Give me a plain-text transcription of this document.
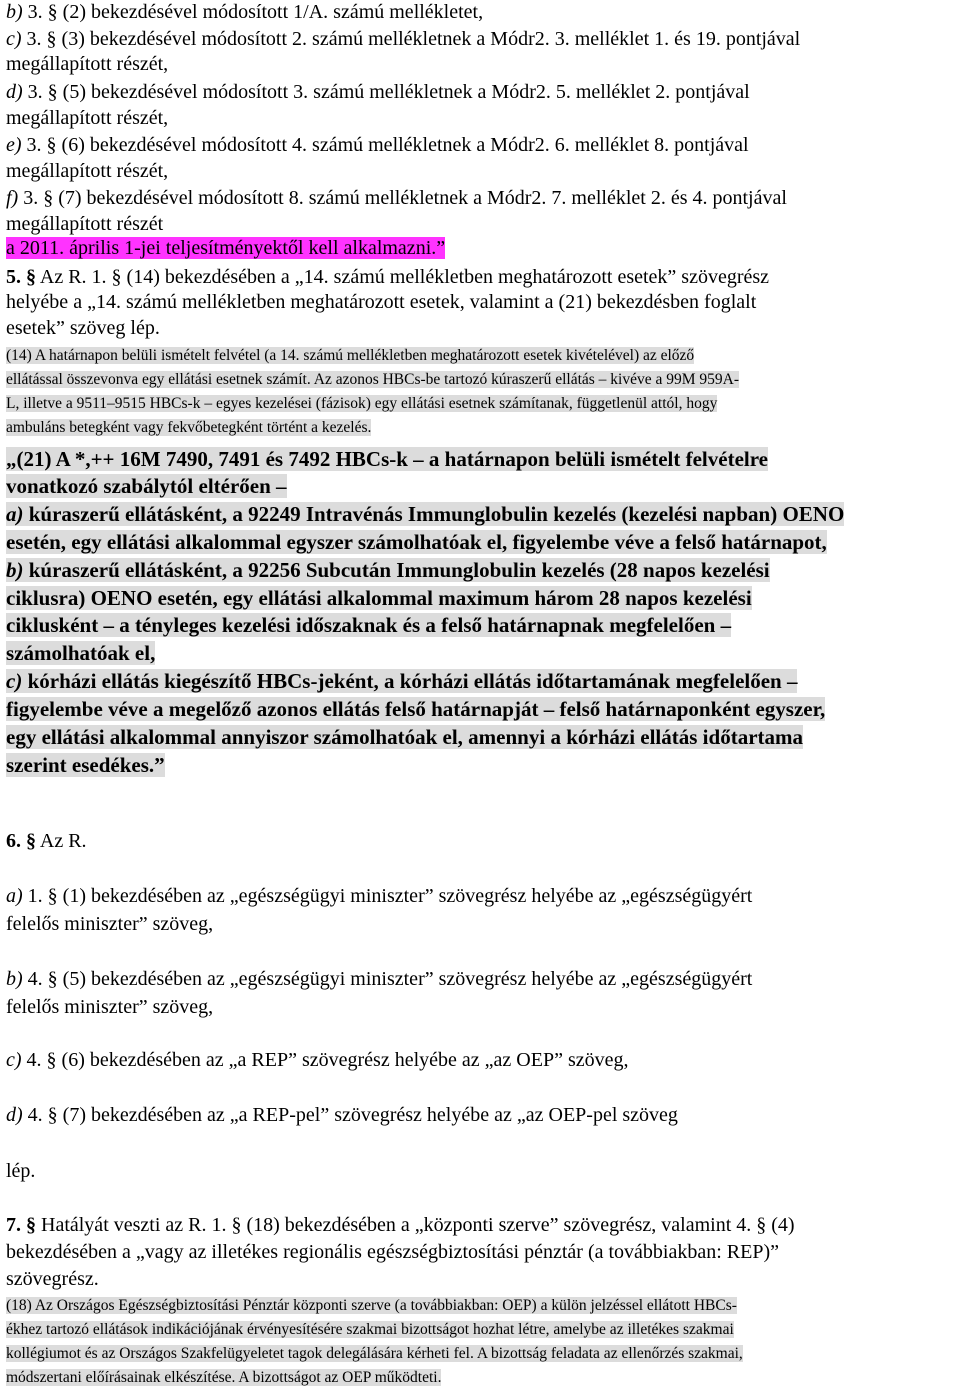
b) 3. § (2) bekezdésével módosított 1/A. számú mellékletet,
c) 3. § (3) bekezdésével módosított 2. számú mellékletnek a Módr2. 3. melléklet 1. és 19. pontjával
megállapított részét,
d) 3. § (5) bekezdésével módosított 3. számú mellékletnek a Módr2. 5. melléklet 2. pontjával
megállapított részét,
e) 3. § (6) bekezdésével módosított 4. számú mellékletnek a Módr2. 6. melléklet 8. pontjával
megállapított részét,
f) 3. § (7) bekezdésével módosított 8. számú mellékletnek a Módr2. 7. melléklet 2. és 4. pontjával
megállapított részét
a 2011. április 1-jei teljesítményektől kell alkalmazni.”
5. § Az R. 1. § (14) bekezdésében a „14. számú mellékletben meghatározott esetek” szövegrész
helyébe a „14. számú mellékletben meghatározott esetek, valamint a (21) bekezdésben foglalt
esetek” szöveg lép.
(14) A határnapon belüli ismételt felvétel (a 14. számú mellékletben meghatározott esetek kivételével) az előző
ellátással összevonva egy ellátási esetnek számít. Az azonos HBCs-be tartozó kúraszerű ellátás – kivéve a 99M 959A-
L, illetve a 9511–9515 HBCs-k – egyes kezelései (fázisok) egy ellátási esetnek számítanak, függetlenül attól, hogy
ambuláns betegként vagy fekvőbetegként történt a kezelés.
„(21) A *,++ 16M 7490, 7491 és 7492 HBCs-k – a határnapon belüli ismételt felvételre
vonatkozó szabálytól eltérően –
a) kúraszerű ellátásként, a 92249 Intravénás Immunglobulin kezelés (kezelési napban) OENO
esetén, egy ellátási alkalommal egyszer számolhatóak el, figyelembe véve a felső határnapot,
b) kúraszerű ellátásként, a 92256 Subcután Immunglobulin kezelés (28 napos kezelési
ciklusra) OENO esetén, egy ellátási alkalommal maximum három 28 napos kezelési
ciklusként – a tényleges kezelési időszaknak és a felső határnapnak megfelelően –
számolhatóak el,
c) kórházi ellátás kiegészítő HBCs-jeként, a kórházi ellátás időtartamának megfelelően –
figyelembe véve a megelőző azonos ellátás felső határnapját – felső határnaponként egyszer,
egy ellátási alkalommal annyiszor számolhatóak el, amennyi a kórházi ellátás időtartama
szerint esedékes.”
6. § Az R.
a) 1. § (1) bekezdésében az „egészségügyi miniszter” szövegrész helyébe az „egészségügyért
felelős miniszter” szöveg,
b) 4. § (5) bekezdésében az „egészségügyi miniszter” szövegrész helyébe az „egészségügyért
felelős miniszter” szöveg,
c) 4. § (6) bekezdésében az „a REP” szövegrész helyébe az „az OEP” szöveg,
d) 4. § (7) bekezdésében az „a REP-pel” szövegrész helyébe az „az OEP-pel szöveg
lép.
7. § Hatályát veszti az R. 1. § (18) bekezdésében a „központi szerve” szövegrész, valamint 4. § (4)
bekezdésében a „vagy az illetékes regionális egészségbiztosítási pénztár (a továbbiakban: REP)”
szövegrész.
(18) Az Országos Egészségbiztosítási Pénztár központi szerve (a továbbiakban: OEP) a külön jelzéssel ellátott HBCs-
ékhez tartozó ellátások indikációjának érvényesítésére szakmai bizottságot hozhat létre, amelybe az illetékes szakmai
kollégiumot és az Országos Szakfelügyeletet tagok delegálására kérheti fel. A bizottság feladata az ellenőrzés szakmai,
módszertani előírásainak elkészítése. A bizottságot az OEP működteti.
